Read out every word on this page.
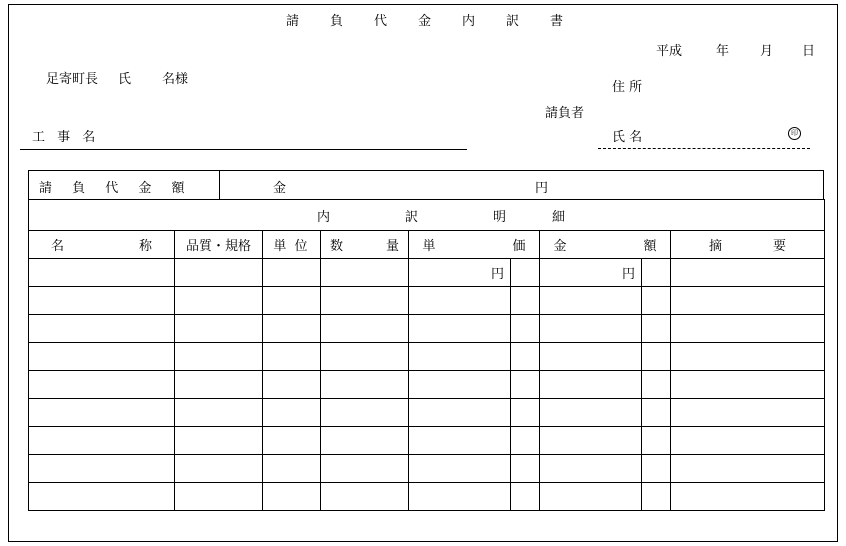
請 負 代 金 内 訳 書
平成	年 月 日
足寄町長 氏 名様
住 所
請負者
氏 名	印
工 事 名
請 負 代 金 額	金	円
内 訳 明 細								
名 称	品質・規格	単 位	数 量	単 価		金 額		摘 要
				円		円		
